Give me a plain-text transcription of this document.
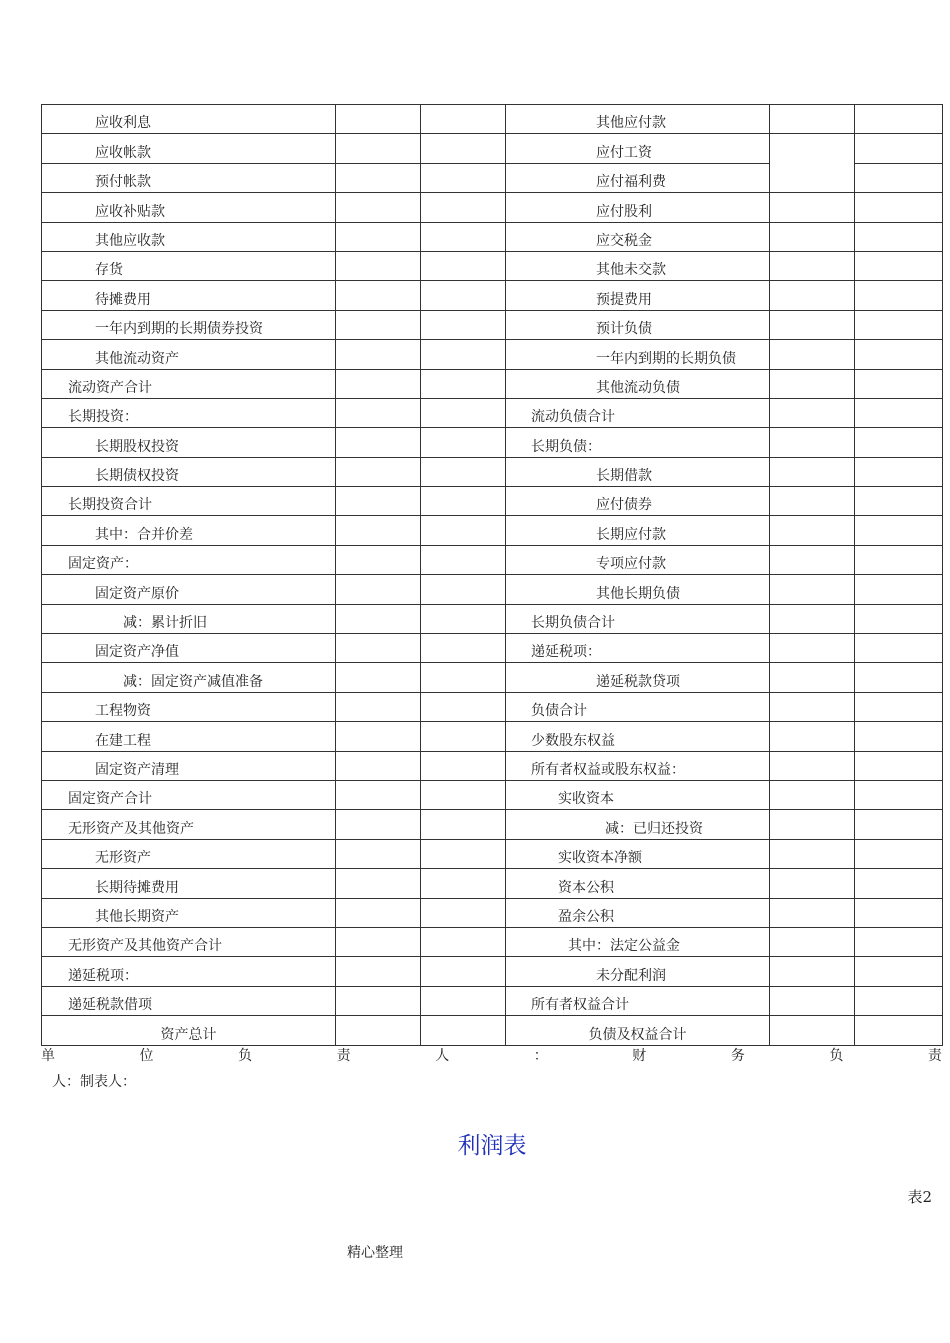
应收利息			其他应付款		
应收帐款			应付工资		
预付帐款			应付福利费		
应收补贴款			应付股利		
其他应收款			应交税金		
存货			其他未交款		
待摊费用			预提费用		
一年内到期的长期债券投资			预计负债		
其他流动资产			一年内到期的长期负债		
流动资产合计			其他流动负债		
长期投资：			流动负债合计		
长期股权投资			长期负债：		
长期债权投资			长期借款		
长期投资合计			应付债券		
其中：合并价差			长期应付款		
固定资产：			专项应付款		
固定资产原价			其他长期负债		
减：累计折旧			长期负债合计		
固定资产净值			递延税项：		
减：固定资产减值准备			递延税款贷项		
工程物资			负债合计		
在建工程			少数股东权益		
固定资产清理			所有者权益或股东权益：		
固定资产合计			实收资本		
无形资产及其他资产			减：已归还投资		
无形资产			实收资本净额		
长期待摊费用			资本公积		
其他长期资产			盈余公积		
无形资产及其他资产合计			其中：法定公益金		
递延税项：			未分配利润		
递延税款借项			所有者权益合计		
资产总计			负债及权益合计		
单	位	负	责	人	：	财	务	负	责
人：制表人：
利润表
表2
精心整理
